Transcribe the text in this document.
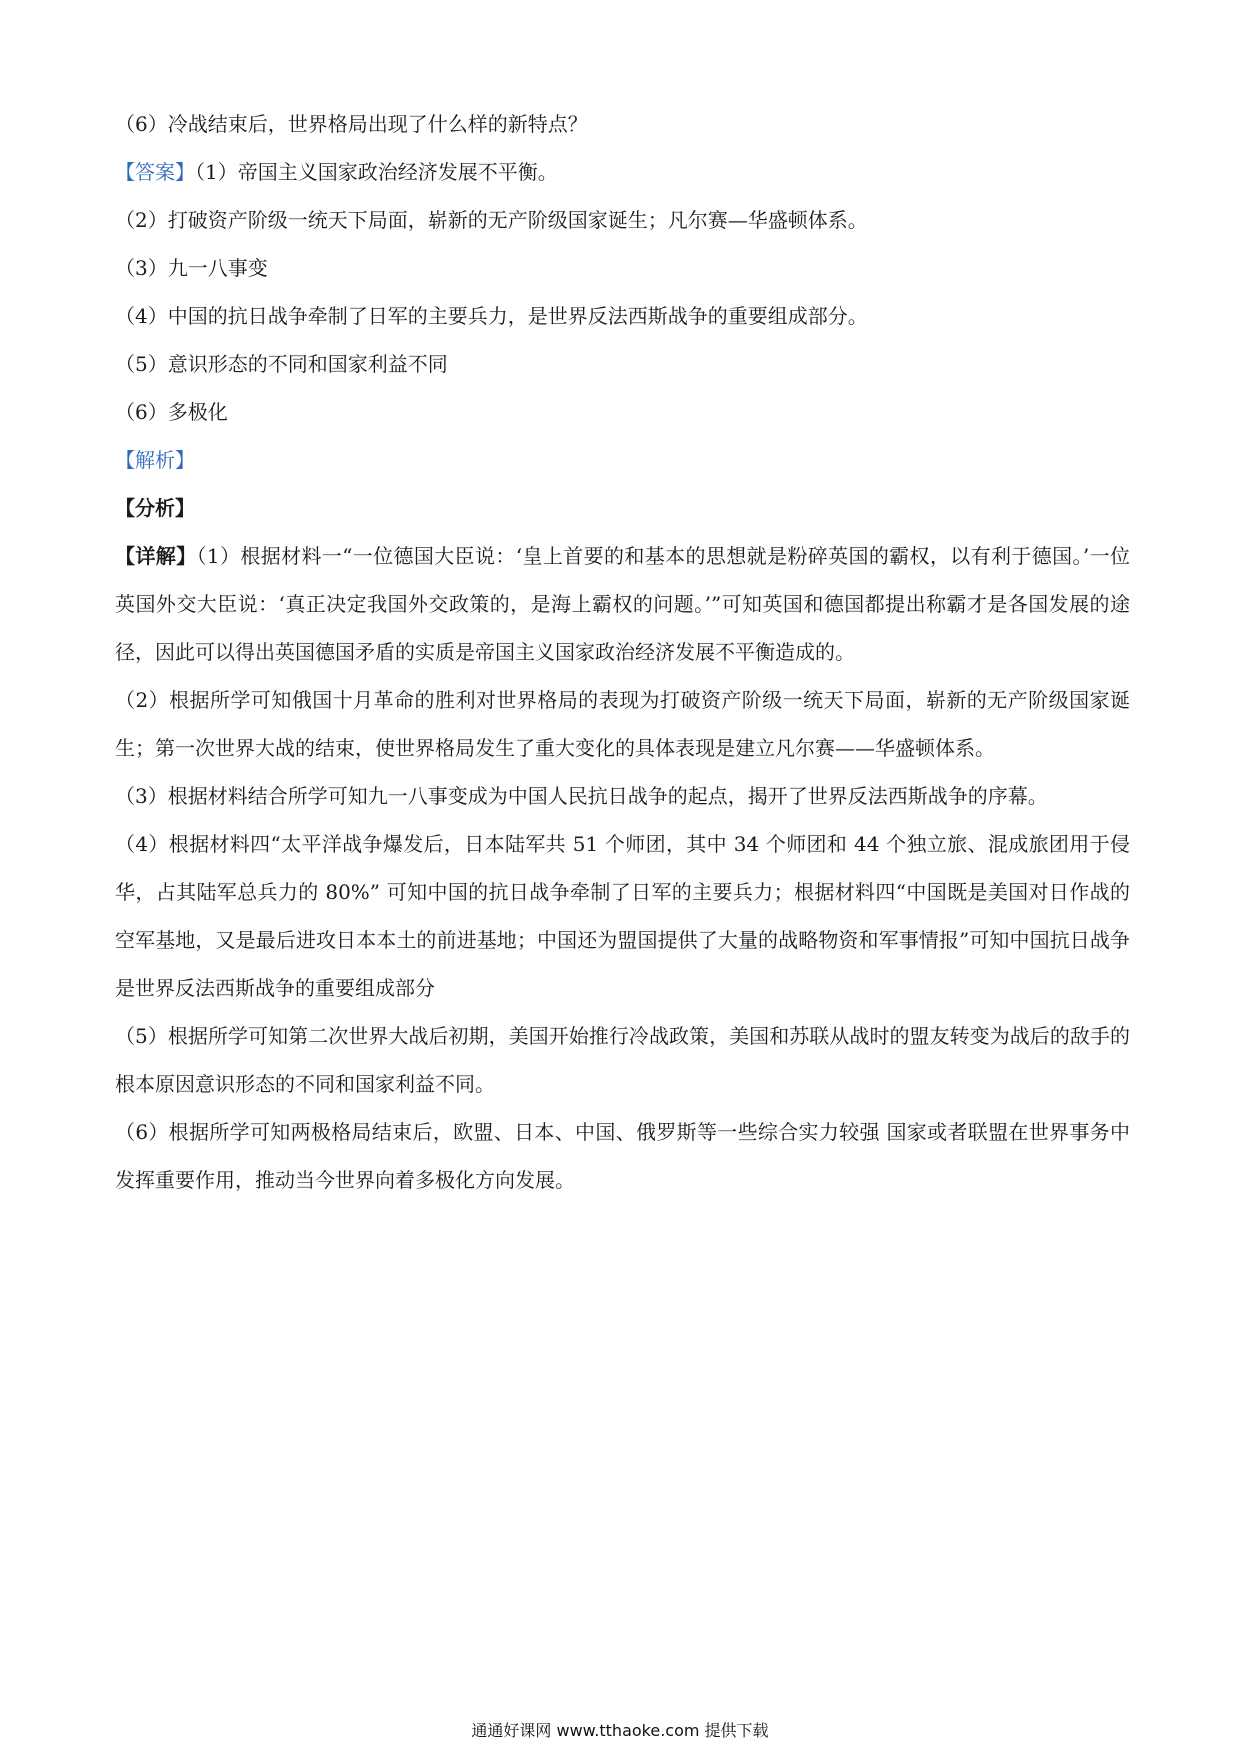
（6）冷战结束后，世界格局出现了什么样的新特点？
【答案】（1）帝国主义国家政治经济发展不平衡。
（2）打破资产阶级一统天下局面，崭新的无产阶级国家诞生；凡尔赛—华盛顿体系。
（3）九一八事变
（4）中国的抗日战争牵制了日军的主要兵力，是世界反法西斯战争的重要组成部分。
（5）意识形态的不同和国家利益不同
（6）多极化
【解析】
【分析】
【详解】（1）根据材料一“一位德国大臣说：‘皇上首要的和基本的思想就是粉碎英国的霸权，以有利于德国。’一位英国外交大臣说：‘真正决定我国外交政策的，是海上霸权的问题。’”可知英国和德国都提出称霸才是各国发展的途径，因此可以得出英国德国矛盾的实质是帝国主义国家政治经济发展不平衡造成的。
（2）根据所学可知俄国十月革命的胜利对世界格局的表现为打破资产阶级一统天下局面，崭新的无产阶级国家诞生；第一次世界大战的结束，使世界格局发生了重大变化的具体表现是建立凡尔赛——华盛顿体系。
（3）根据材料结合所学可知九一八事变成为中国人民抗日战争的起点，揭开了世界反法西斯战争的序幕。
（4）根据材料四“太平洋战争爆发后，日本陆军共 51 个师团，其中 34 个师团和 44 个独立旅、混成旅团用于侵华，占其陆军总兵力的 80%” 可知中国的抗日战争牵制了日军的主要兵力；根据材料四“中国既是美国对日作战的空军基地，又是最后进攻日本本土的前进基地；中国还为盟国提供了大量的战略物资和军事情报”可知中国抗日战争是世界反法西斯战争的重要组成部分
（5）根据所学可知第二次世界大战后初期，美国开始推行冷战政策，美国和苏联从战时的盟友转变为战后的敌手的根本原因意识形态的不同和国家利益不同。
（6）根据所学可知两极格局结束后，欧盟、日本、中国、俄罗斯等一些综合实力较强 国家或者联盟在世界事务中发挥重要作用，推动当今世界向着多极化方向发展。
通通好课网 www.tthaoke.com 提供下载
